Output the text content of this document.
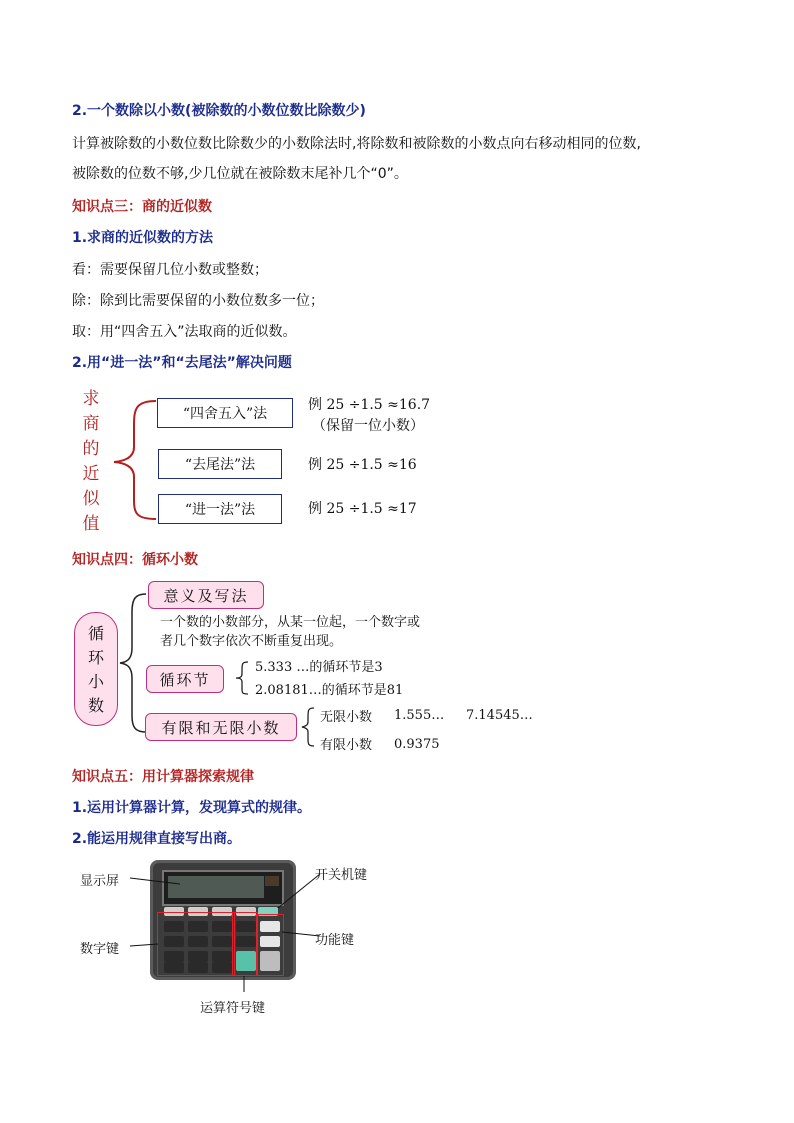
2.一个数除以小数(被除数的小数位数比除数少)
计算被除数的小数位数比除数少的小数除法时,将除数和被除数的小数点向右移动相同的位数,
被除数的位数不够,少几位就在被除数末尾补几个“0”。
知识点三：商的近似数
1.求商的近似数的方法
看：需要保留几位小数或整数；
除：除到比需要保留的小数位数多一位；
取：用“四舍五入”法取商的近似数。
2.用“进一法”和“去尾法”解决问题
求
商
的
近
似
值
“四舍五入”法
“去尾法”法
“进一法”法
例 25 ÷1.5 ≈16.7
（保留一位小数）
例 25 ÷1.5 ≈16
例 25 ÷1.5 ≈17
知识点四：循环小数
循
环
小
数
意义及写法
一个数的小数部分，从某一位起，一个数字或
者几个数字依次不断重复出现。
循环节
5.333 …的循环节是3
2.08181…的循环节是81
有限和无限小数
无限小数 1.555… 7.14545…
有限小数 0.9375
知识点五：用计算器探索规律
1.运用计算器计算，发现算式的规律。
2.能运用规律直接写出商。
显示屏	开关机键
功能键
数字键
运算符号键
